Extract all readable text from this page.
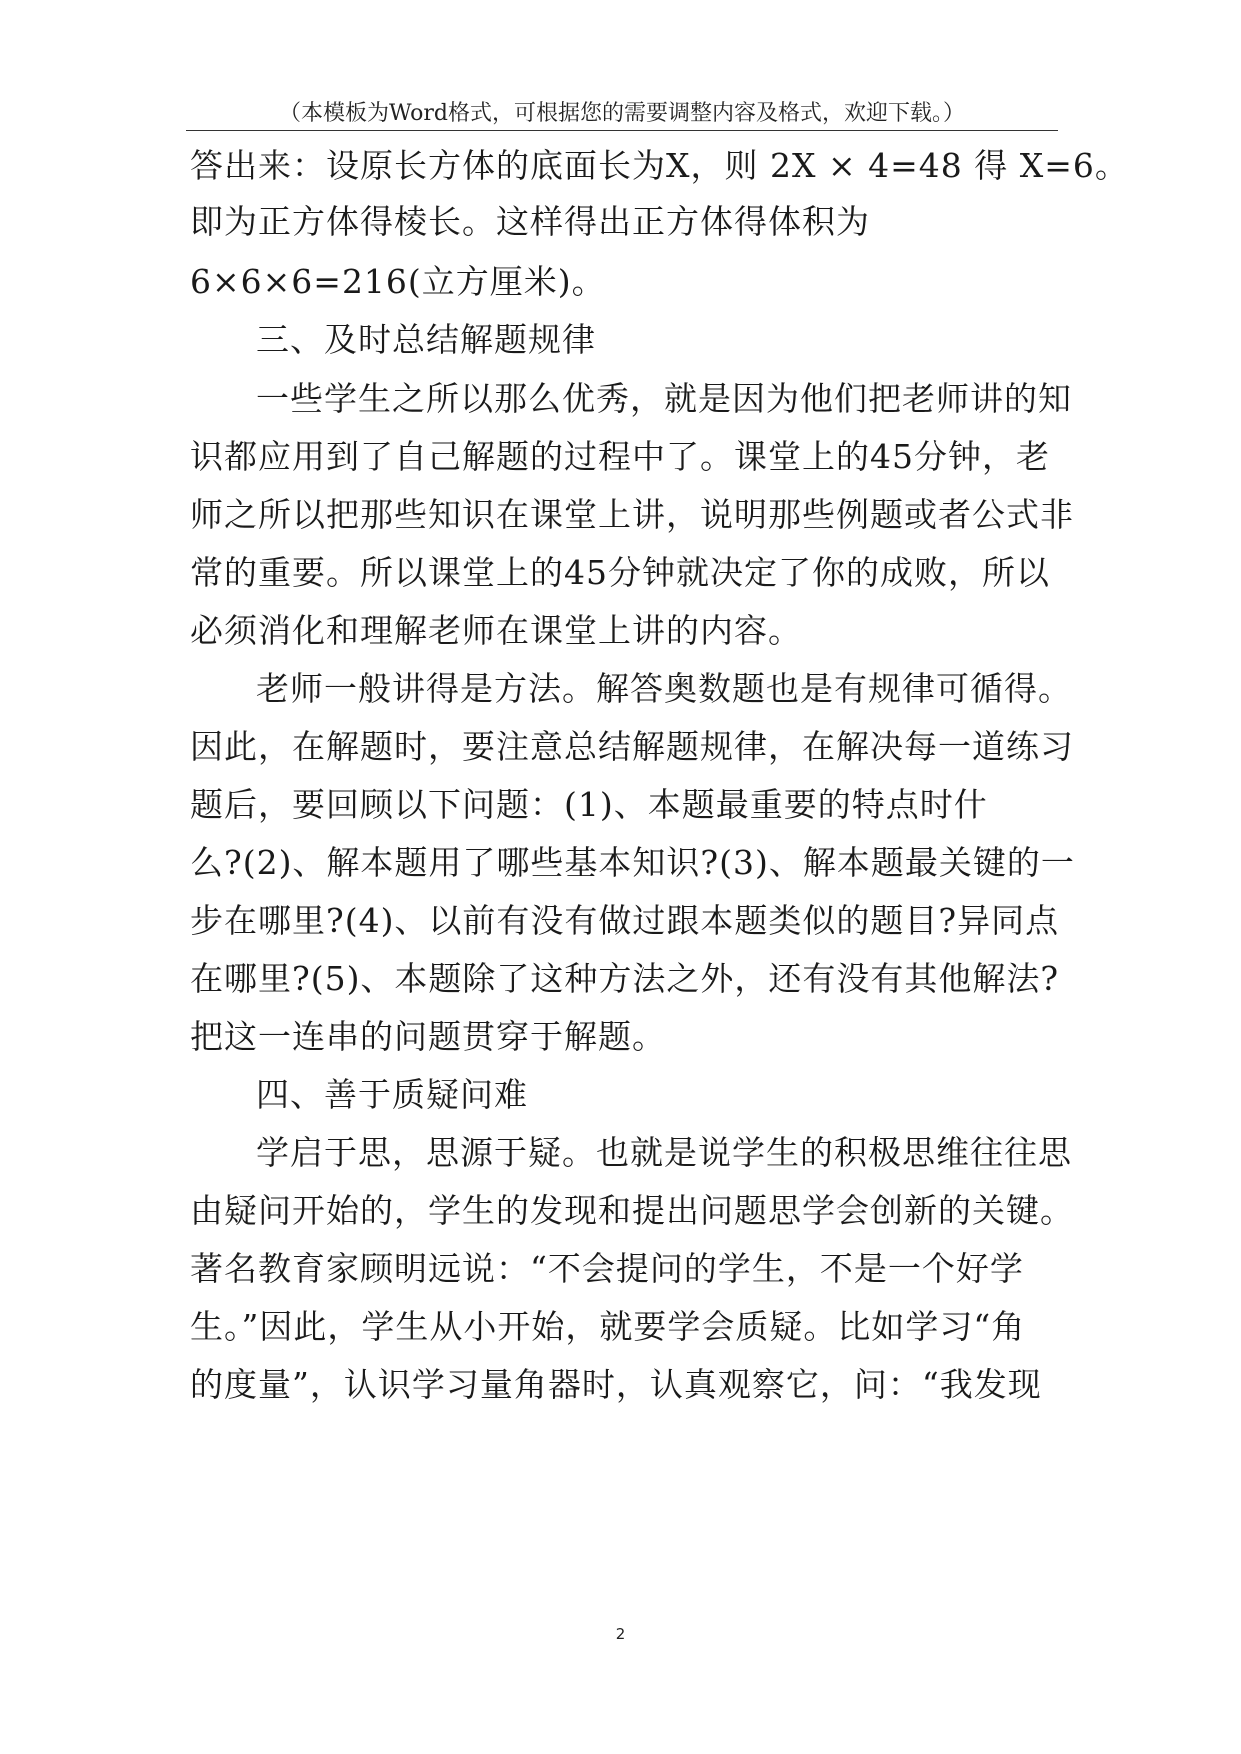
（本模板为Word格式，可根据您的需要调整内容及格式，欢迎下载。）
答出来：设原长方体的底面长为X，则 2X × 4=48 得 X=6。
即为正方体得棱长。这样得出正方体得体积为
6×6×6=216(立方厘米)。
三、及时总结解题规律
一些学生之所以那么优秀，就是因为他们把老师讲的知
识都应用到了自己解题的过程中了。课堂上的45分钟，老
师之所以把那些知识在课堂上讲，说明那些例题或者公式非
常的重要。所以课堂上的45分钟就决定了你的成败，所以
必须消化和理解老师在课堂上讲的内容。
老师一般讲得是方法。解答奥数题也是有规律可循得。
因此，在解题时，要注意总结解题规律，在解决每一道练习
题后，要回顾以下问题：(1)、本题最重要的特点时什
么?(2)、解本题用了哪些基本知识?(3)、解本题最关键的一
步在哪里?(4)、以前有没有做过跟本题类似的题目?异同点
在哪里?(5)、本题除了这种方法之外，还有没有其他解法?
把这一连串的问题贯穿于解题。
四、善于质疑问难
学启于思，思源于疑。也就是说学生的积极思维往往思
由疑问开始的，学生的发现和提出问题思学会创新的关键。
著名教育家顾明远说：“不会提问的学生，不是一个好学
生。”因此，学生从小开始，就要学会质疑。比如学习“角
的度量”，认识学习量角器时，认真观察它，问：“我发现
2
